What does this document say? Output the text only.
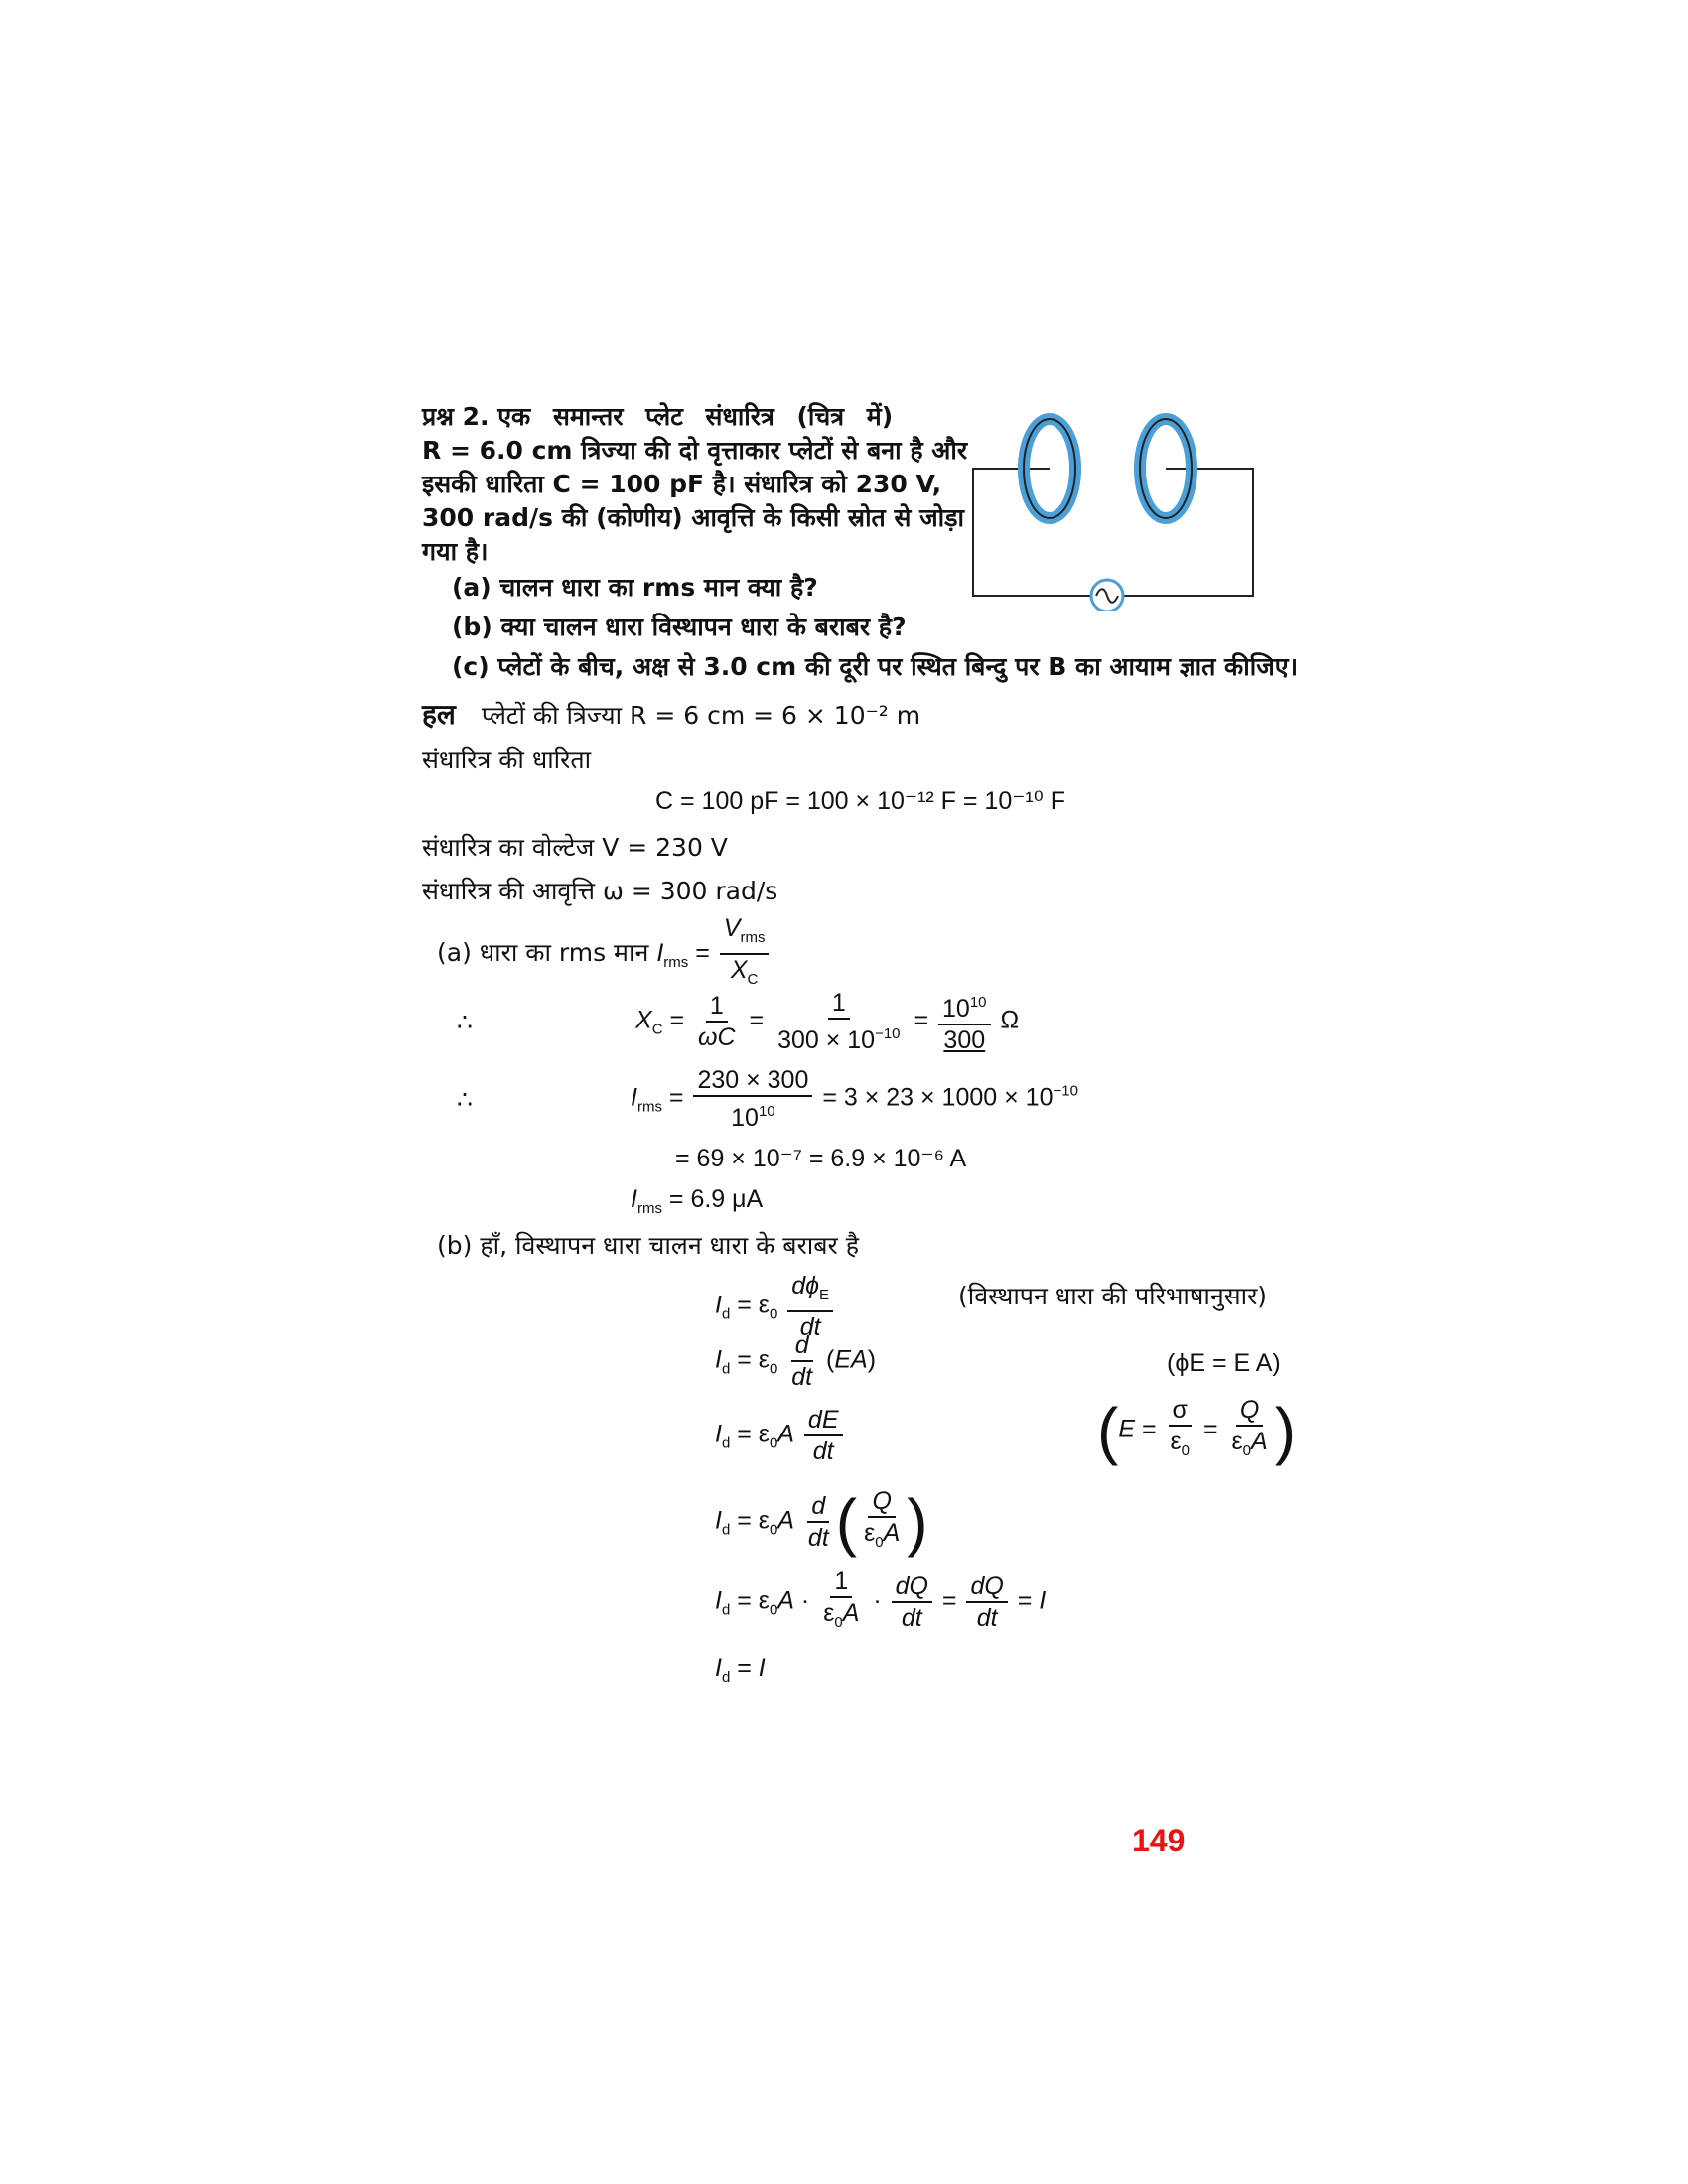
प्रश्न 2. एक समान्तर प्लेट संधारित्र (चित्र में)
R = 6.0 cm त्रिज्या की दो वृत्ताकार प्लेटों से बना है और
इसकी धारिता C = 100 pF है। संधारित्र को 230 V,
300 rad/s की (कोणीय) आवृत्ति के किसी स्रोत से जोड़ा
गया है।
(a) चालन धारा का rms मान क्या है?
(b) क्या चालन धारा विस्थापन धारा के बराबर है?
(c) प्लेटों के बीच, अक्ष से 3.0 cm की दूरी पर स्थित बिन्दु पर B का आयाम ज्ञात कीजिए।
हल प्लेटों की त्रिज्या R = 6 cm = 6 × 10⁻² m
संधारित्र की धारिता
C = 100 pF = 100 × 10⁻¹² F = 10⁻¹⁰ F
संधारित्र का वोल्टेज V = 230 V
संधारित्र की आवृत्ति ω = 300 rad/s
(a) धारा का rms मान $I_{rms} = \frac{V_{rms}}{X_C}$
∴	$X_C = \frac{1}{\omega C} = \frac{1}{300 \times 10^{-10}} = \frac{10^{10}}{300}$ Ω
∴	$I_{rms} = \frac{230 \times 300}{10^{10}} = 3 \times 23 \times 1000 \times 10^{-10}$
= 69 × 10⁻⁷ = 6.9 × 10⁻⁶ A
$I_{rms} = 6.9$ μA
(b) हाँ, विस्थापन धारा चालन धारा के बराबर है
$I_d = \varepsilon_0 \frac{d\phi_E}{dt}$	(विस्थापन धारा की परिभाषानुसार)
$I_d = \varepsilon_0 \frac{d}{dt} (EA)$	(ϕE = E A)
$I_d = \varepsilon_0A \frac{dE}{dt}$	($E = \frac{\sigma}{\varepsilon_0} = \frac{Q}{\varepsilon_0A}$ )
$I_d = \varepsilon_0A \frac{d}{dt}$ ( $\frac{Q}{\varepsilon_0A}$ )
$I_d = \varepsilon_0A \cdot \frac{1}{\varepsilon_0A} \cdot \frac{dQ}{dt} = \frac{dQ}{dt} = I$
$I_d = I$
149
